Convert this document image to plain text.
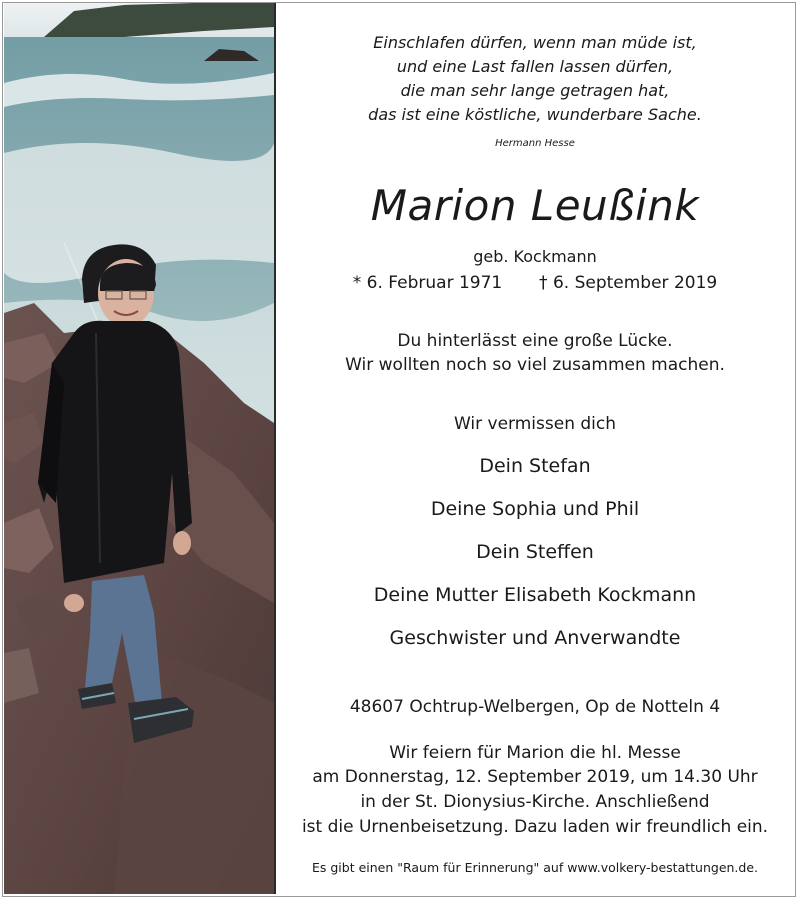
Einschlafen dürfen, wenn man müde ist,
und eine Last fallen lassen dürfen,
die man sehr lange getragen hat,
das ist eine köstliche, wunderbare Sache.
Hermann Hesse
Marion Leußink
geb. Kockmann
* 6. Februar 1971 † 6. September 2019
Du hinterlässt eine große Lücke.
Wir wollten noch so viel zusammen machen.
Wir vermissen dich
Dein Stefan
Deine Sophia und Phil
Dein Steffen
Deine Mutter Elisabeth Kockmann
Geschwister und Anverwandte
48607 Ochtrup-Welbergen, Op de Notteln 4
Wir feiern für Marion die hl. Messe
am Donnerstag, 12. September 2019, um 14.30 Uhr
in der St. Dionysius-Kirche. Anschließend
ist die Urnenbeisetzung. Dazu laden wir freundlich ein.
Es gibt einen "Raum für Erinnerung" auf www.volkery-bestattungen.de.
